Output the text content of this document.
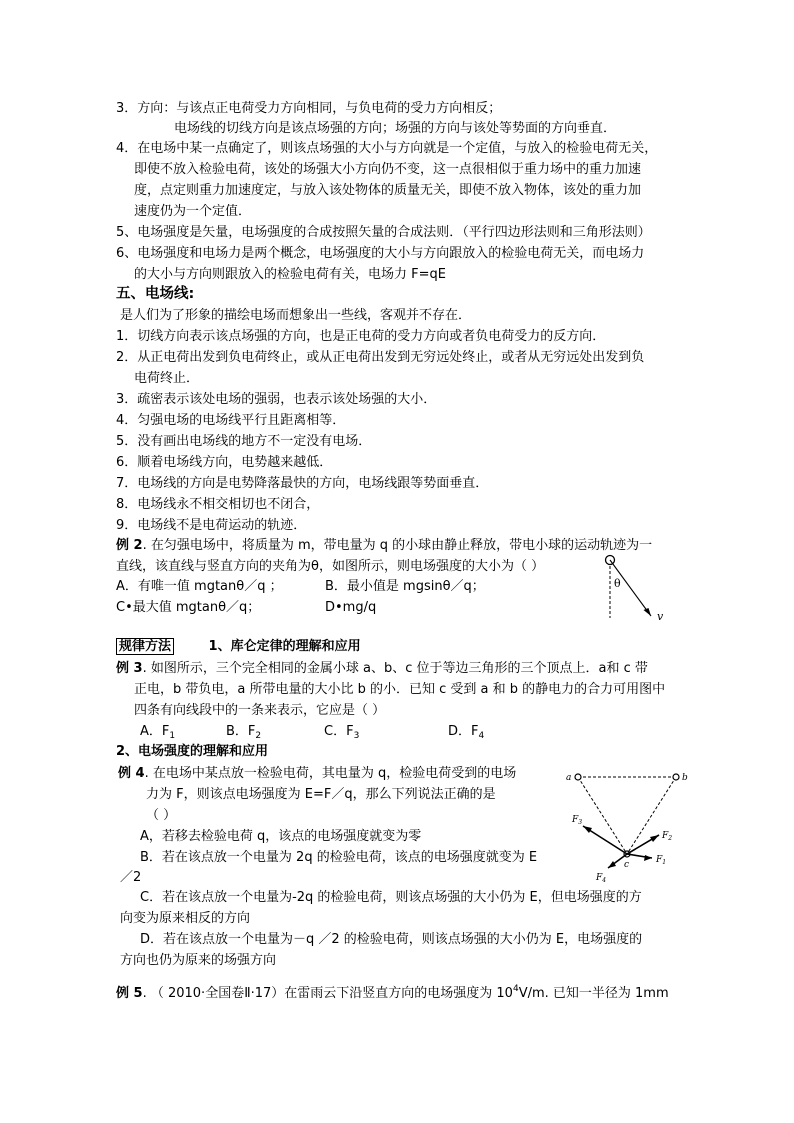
3．方向：与该点正电荷受力方向相同，与负电荷的受力方向相反；
电场线的切线方向是该点场强的方向；场强的方向与该处等势面的方向垂直．
4．在电场中某一点确定了，则该点场强的大小与方向就是一个定值，与放入的检验电荷无关，
即使不放入检验电荷，该处的场强大小方向仍不变，这一点很相似于重力场中的重力加速
度，点定则重力加速度定，与放入该处物体的质量无关，即使不放入物体，该处的重力加
速度仍为一个定值．
5、电场强度是矢量，电场强度的合成按照矢量的合成法则．（平行四边形法则和三角形法则）
6、电场强度和电场力是两个概念，电场强度的大小与方向跟放入的检验电荷无关，而电场力
的大小与方向则跟放入的检验电荷有关，电场力 F=qE
五、电场线:
是人们为了形象的描绘电场而想象出一些线，客观并不存在．
1．切线方向表示该点场强的方向，也是正电荷的受力方向或者负电荷受力的反方向．
2．从正电荷出发到负电荷终止，或从正电荷出发到无穷远处终止，或者从无穷远处出发到负
电荷终止．
3．疏密表示该处电场的强弱，也表示该处场强的大小．
4．匀强电场的电场线平行且距离相等．
5．没有画出电场线的地方不一定没有电场．
6．顺着电场线方向，电势越来越低．
7．电场线的方向是电势降落最快的方向，电场线跟等势面垂直．
8．电场线永不相交相切也不闭合，
9．电场线不是电荷运动的轨迹．
例 2. 在匀强电场中，将质量为 m，带电量为 q 的小球由静止释放，带电小球的运动轨迹为一
直线，该直线与竖直方向的夹角为θ，如图所示，则电场强度的大小为（ ）
A．有唯一值 mgtanθ／q ；	B．最小值是 mgsinθ／q；
C•最大值 mgtanθ／q；	D•mg/q
θ
v
规律方法	1、库仑定律的理解和应用
例 3. 如图所示，三个完全相同的金属小球 a、b、c 位于等边三角形的三个顶点上．a和 c 带
正电，b 带负电，a 所带电量的大小比 b 的小．已知 c 受到 a 和 b 的静电力的合力可用图中
四条有向线段中的一条来表示，它应是（ ）
A．$F_1$	B．$F_2$	C．$F_3$	D．$F_4$
2、电场强度的理解和应用
例 4. 在电场中某点放一检验电荷，其电量为 q，检验电荷受到的电场
力为 F，则该点电场强度为 E=F／q，那么下列说法正确的是
（ ）
A，若移去检验电荷 q，该点的电场强度就变为零
B．若在该点放一个电量为 2q 的检验电荷，该点的电场强度就变为 E
／2
C．若在该点放一个电量为-2q 的检验电荷，则该点场强的大小仍为 E，但电场强度的方
向变为原来相反的方向
D．若在该点放一个电量为－q ／2 的检验电荷，则该点场强的大小仍为 E，电场强度的
方向也仍为原来的场强方向
a	b
c
$F_3$
$F_2$
$F_1$
$F_4$
例 5. （ 2010·全国卷Ⅱ·17）在雷雨云下沿竖直方向的电场强度为 $10^4V/m$. 已知一半径为 1mm
